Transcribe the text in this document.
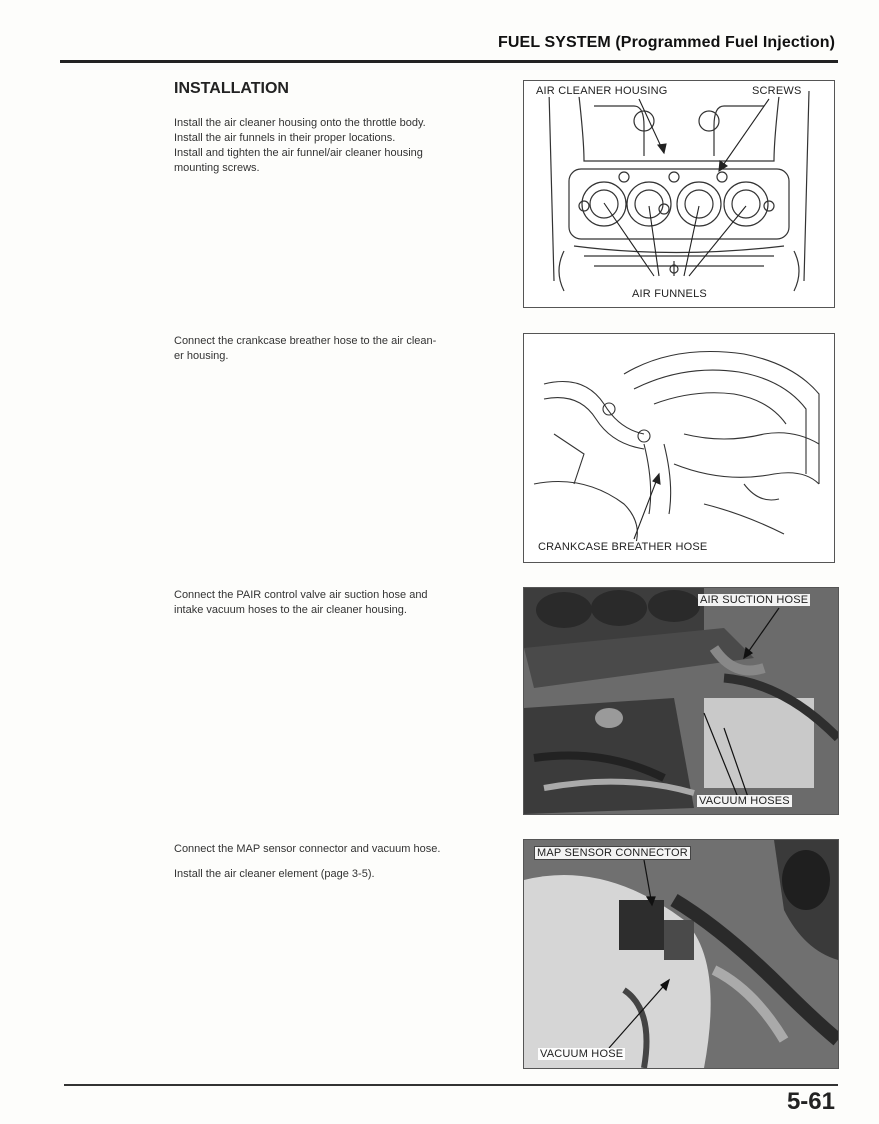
FUEL SYSTEM (Programmed Fuel Injection)
INSTALLATION

Install the air cleaner housing onto the throttle body.

Install the air funnels in their proper locations.

Install and tighten the air funnel/air cleaner housing

mounting screws.

AIR CLEANER HOUSING	SCREWS
AIR FUNNELS

Connect the crankcase breather hose to the air clean-

er housing.

CRANKCASE BREATHER HOSE

Connect the PAIR control valve air suction hose and

intake vacuum hoses to the air cleaner housing.

AIR SUCTION HOSE
VACUUM HOSES

Connect the MAP sensor connector and vacuum hose.

Install the air cleaner element (page 3-5).

MAP SENSOR CONNECTOR
VACUUM HOSE
5-61
